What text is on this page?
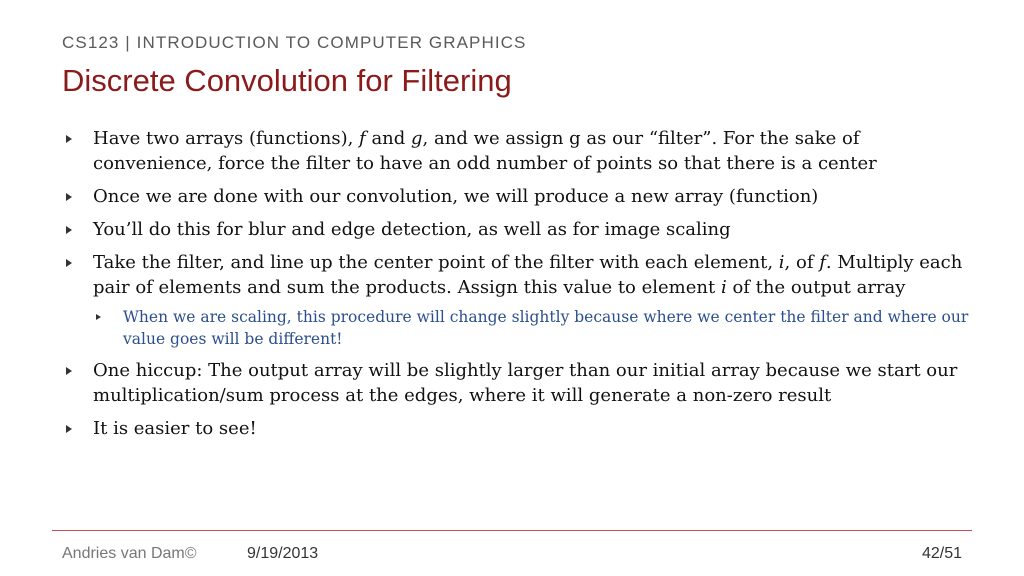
CS123 | INTRODUCTION TO COMPUTER GRAPHICS
Discrete Convolution for Filtering
Have two arrays (functions), f and g, and we assign g as our “filter”. For the sake of convenience, force the filter to have an odd number of points so that there is a center
Once we are done with our convolution, we will produce a new array (function)
You’ll do this for blur and edge detection, as well as for image scaling
Take the filter, and line up the center point of the filter with each element, i, of f. Multiply each pair of elements and sum the products. Assign this value to element i of the output array
When we are scaling, this procedure will change slightly because where we center the filter and where our value goes will be different!
One hiccup: The output array will be slightly larger than our initial array because we start our multiplication/sum process at the edges, where it will generate a non-zero result
It is easier to see!
Andries van Dam©	9/19/2013	42/51
